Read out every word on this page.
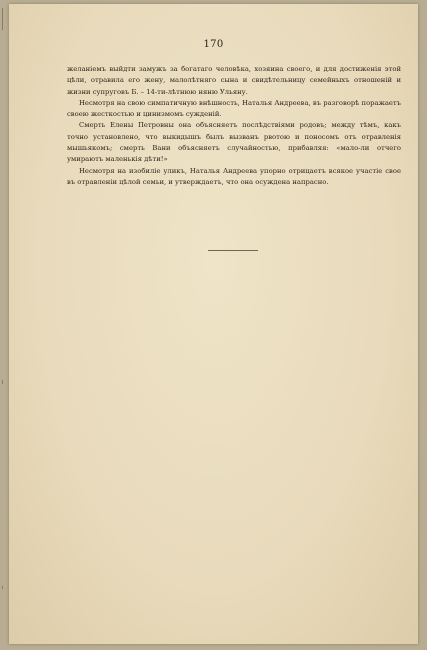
170

желаніемъ выйдти замужъ за богатаго человѣка, хозяина своего, и для достиженія этой цѣли, отравила его жену, малолѣтняго сына и свидѣтельницу семейныхъ отношеній и жизни супруговъ Б. – 14-ти-лѣтнюю няню Ульяну.

Несмотря на свою симпатичную внѣшность, Наталья Андреева, въ разговорѣ поражаетъ своею жесткостью и цинизмомъ сужденій.

Смерть Елены Петровны она объясняетъ послѣдствіями родовъ; между тѣмъ, какъ точно установлено, что выкидышъ былъ вызванъ рвотою и поносомъ отъ отравленія мышьякомъ; смерть Вани объясняетъ случайностью, прибавляя: «мало-ли отчего умираютъ маленькія дѣти!»

Несмотря на изобиліе уликъ, Наталья Андреева упорно отрицаетъ всякое участіе свое въ отравленіи цѣлой семьи, и утверждаетъ, что она осуждена напрасно.
